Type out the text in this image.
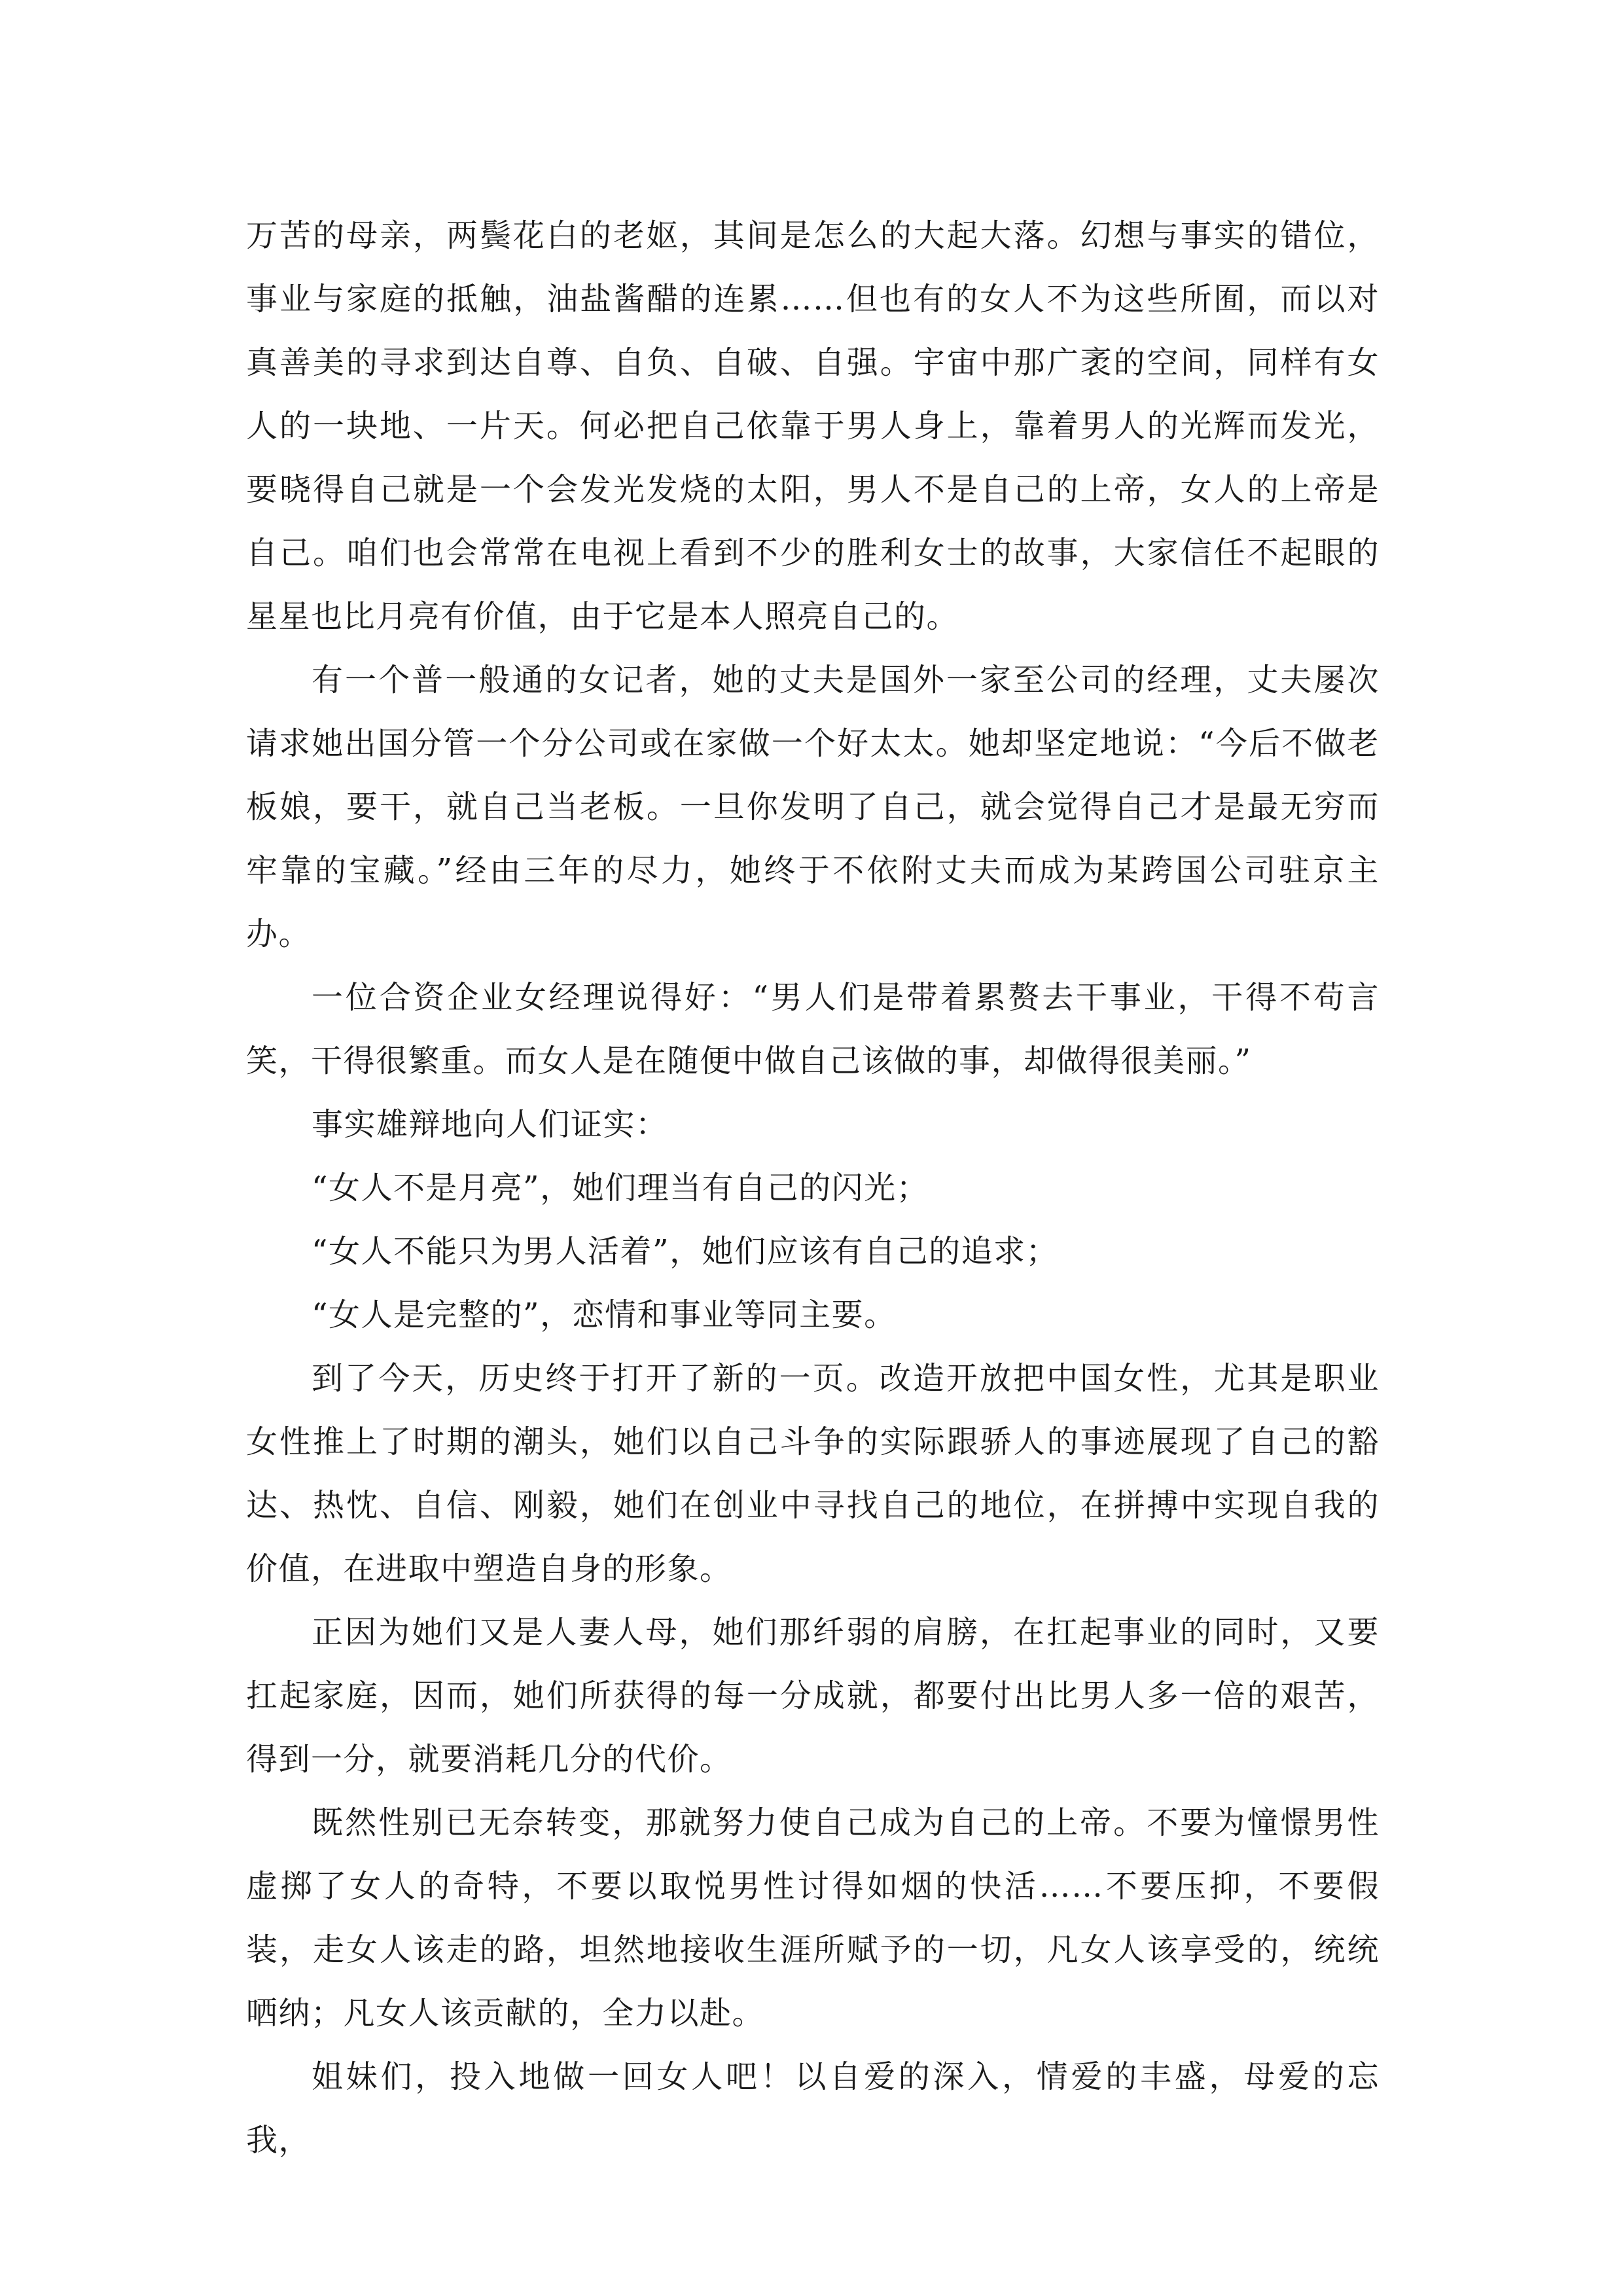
万苦的母亲，两鬓花白的老妪，其间是怎么的大起大落。幻想与事实的错位，事业与家庭的抵触，油盐酱醋的连累……但也有的女人不为这些所囿，而以对真善美的寻求到达自尊、自负、自破、自强。宇宙中那广袤的空间，同样有女人的一块地、一片天。何必把自己依靠于男人身上，靠着男人的光辉而发光，要晓得自己就是一个会发光发烧的太阳，男人不是自己的上帝，女人的上帝是自己。咱们也会常常在电视上看到不少的胜利女士的故事，大家信任不起眼的星星也比月亮有价值，由于它是本人照亮自己的。

有一个普一般通的女记者，她的丈夫是国外一家至公司的经理，丈夫屡次请求她出国分管一个分公司或在家做一个好太太。她却坚定地说：“今后不做老板娘，要干，就自己当老板。一旦你发明了自己，就会觉得自己才是最无穷而牢靠的宝藏。”经由三年的尽力，她终于不依附丈夫而成为某跨国公司驻京主办。

一位合资企业女经理说得好：“男人们是带着累赘去干事业，干得不苟言笑，干得很繁重。而女人是在随便中做自己该做的事，却做得很美丽。”

事实雄辩地向人们证实：

“女人不是月亮”，她们理当有自己的闪光；

“女人不能只为男人活着”，她们应该有自己的追求；

“女人是完整的”，恋情和事业等同主要。

到了今天，历史终于打开了新的一页。改造开放把中国女性，尤其是职业女性推上了时期的潮头，她们以自己斗争的实际跟骄人的事迹展现了自己的豁达、热忱、自信、刚毅，她们在创业中寻找自己的地位，在拼搏中实现自我的价值，在进取中塑造自身的形象。

正因为她们又是人妻人母，她们那纤弱的肩膀，在扛起事业的同时，又要扛起家庭，因而，她们所获得的每一分成就，都要付出比男人多一倍的艰苦，得到一分，就要消耗几分的代价。

既然性别已无奈转变，那就努力使自己成为自己的上帝。不要为憧憬男性虚掷了女人的奇特，不要以取悦男性讨得如烟的快活……不要压抑，不要假装，走女人该走的路，坦然地接收生涯所赋予的一切，凡女人该享受的，统统哂纳；凡女人该贡献的，全力以赴。

姐妹们，投入地做一回女人吧！以自爱的深入，情爱的丰盛，母爱的忘我，
